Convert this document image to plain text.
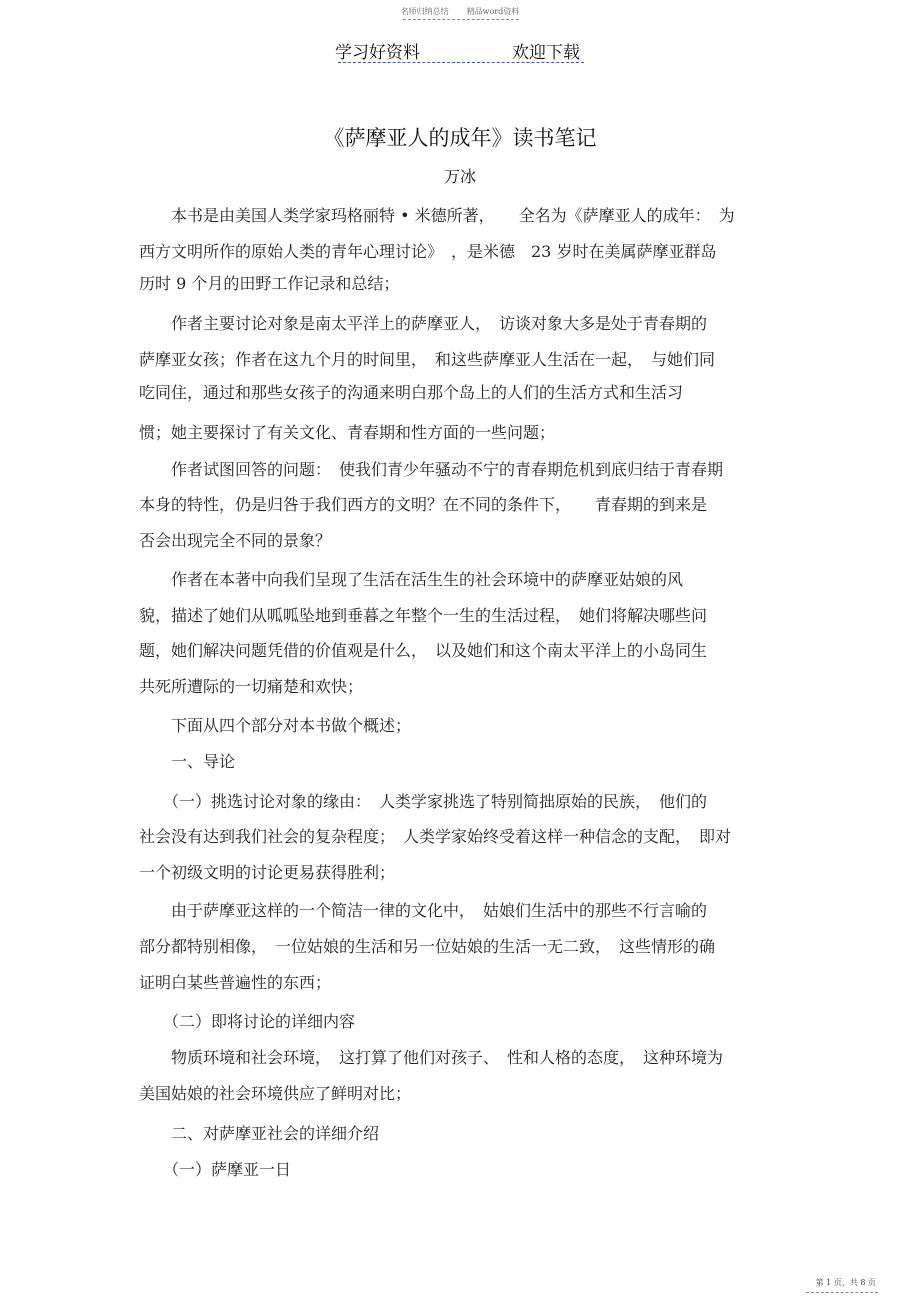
名师归纳总结 精品word资料
学习好资料	欢迎下载
《萨摩亚人的成年》读书笔记
万冰
　　本书是由美国人类学家玛格丽特 • 米德所著，　　全名为《萨摩亚人的成年：　为
西方文明所作的原始人类的青年心理讨论》　，是米德　23 岁时在美属萨摩亚群岛
历时 9 个月的田野工作记录和总结；
　　作者主要讨论对象是南太平洋上的萨摩亚人，　访谈对象大多是处于青春期的
萨摩亚女孩；作者在这九个月的时间里，　和这些萨摩亚人生活在一起，　与她们同
吃同住，通过和那些女孩子的沟通来明白那个岛上的人们的生活方式和生活习
惯；她主要探讨了有关文化、青春期和性方面的一些问题；
　　作者试图回答的问题：　使我们青少年骚动不宁的青春期危机到底归结于青春期
本身的特性，仍是归咎于我们西方的文明？在不同的条件下，　　青春期的到来是
否会出现完全不同的景象？
　　作者在本著中向我们呈现了生活在活生生的社会环境中的萨摩亚姑娘的风
貌，描述了她们从呱呱坠地到垂暮之年整个一生的生活过程，　她们将解决哪些问
题，她们解决问题凭借的价值观是什么，　以及她们和这个南太平洋上的小岛同生
共死所遭际的一切痛楚和欢快；
　　下面从四个部分对本书做个概述；
　　一、导论
　　（一）挑选讨论对象的缘由：　人类学家挑选了特别简拙原始的民族，　他们的
社会没有达到我们社会的复杂程度；　人类学家始终受着这样一种信念的支配，　即对
一个初级文明的讨论更易获得胜利；
　　由于萨摩亚这样的一个简洁一律的文化中，　姑娘们生活中的那些不行言喻的
部分都特别相像，　一位姑娘的生活和另一位姑娘的生活一无二致，　这些情形的确
证明白某些普遍性的东西；
　　（二）即将讨论的详细内容
　　物质环境和社会环境，　这打算了他们对孩子、　性和人格的态度，　这种环境为
美国姑娘的社会环境供应了鲜明对比；
　　二、对萨摩亚社会的详细介绍
　　（一）萨摩亚一日
第 1 页，共 8 页
